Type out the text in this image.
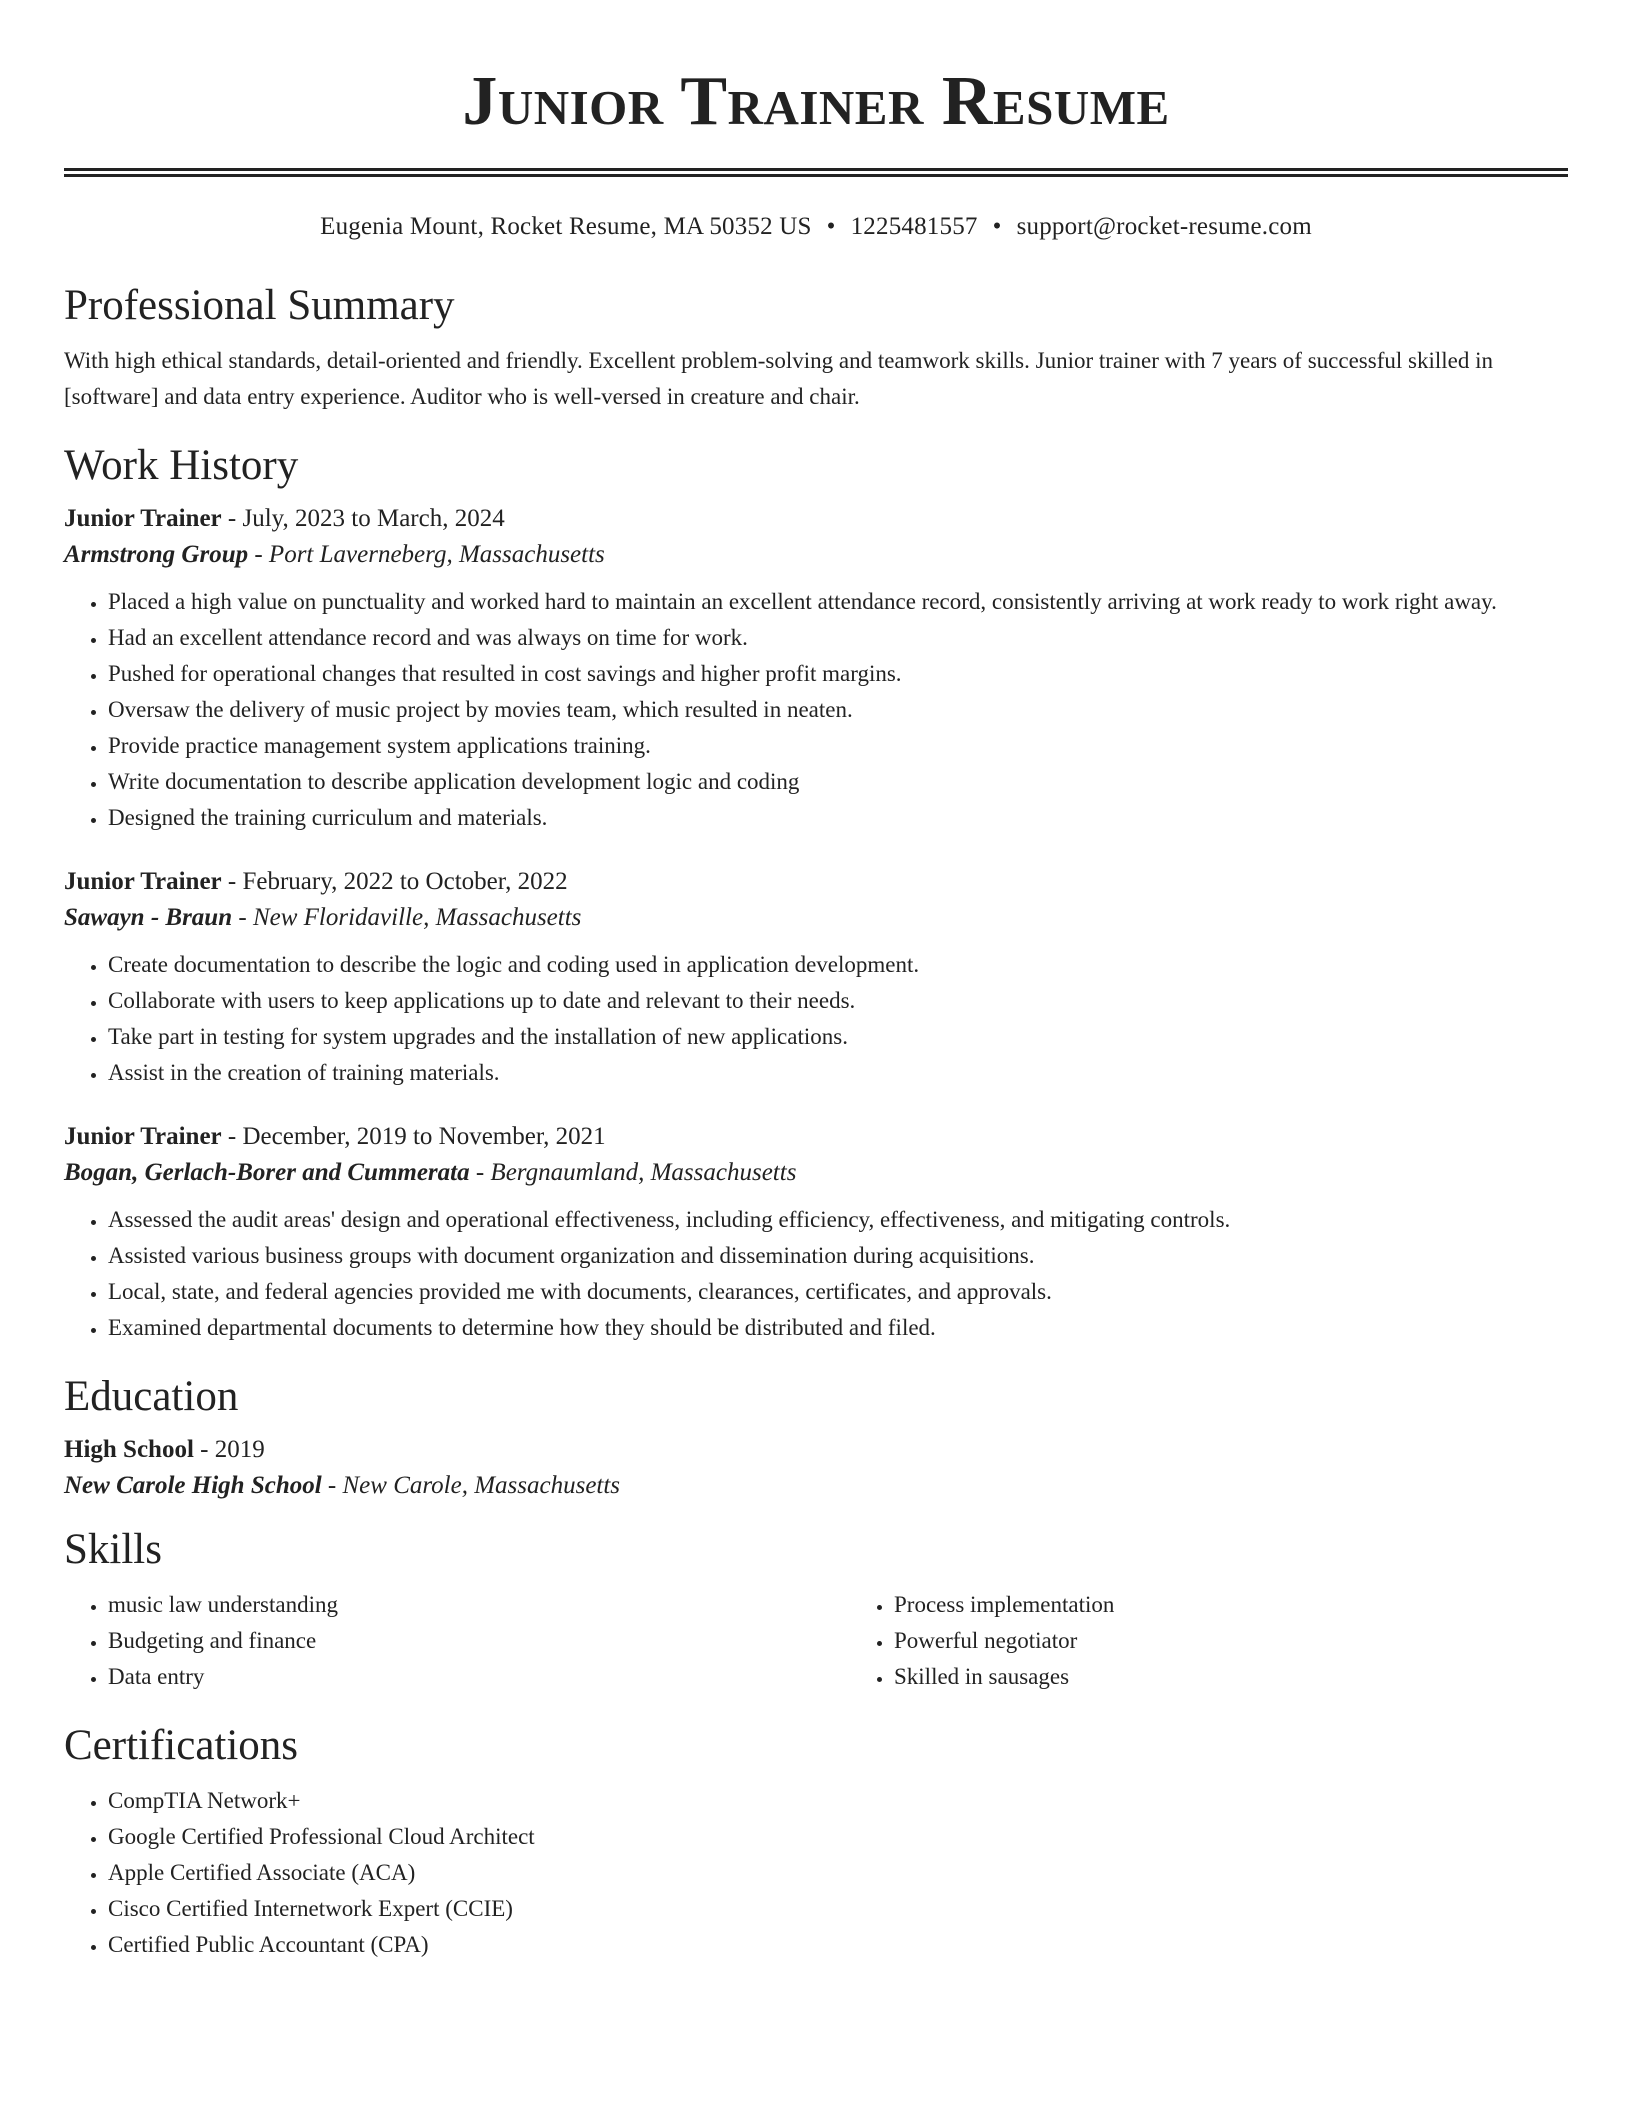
Junior Trainer Resume
Eugenia Mount, Rocket Resume, MA 50352 US • 1225481557 • support@rocket-resume.com
Professional Summary

With high ethical standards, detail-oriented and friendly. Excellent problem-solving and teamwork skills. Junior trainer with 7 years of successful skilled in [software] and data entry experience. Auditor who is well-versed in creature and chair.

Work History
Junior Trainer - July, 2023 to March, 2024
Armstrong Group - Port Laverneberg, Massachusetts
• Placed a high value on punctuality and worked hard to maintain an excellent attendance record, consistently arriving at work ready to work right away.
• Had an excellent attendance record and was always on time for work.
• Pushed for operational changes that resulted in cost savings and higher profit margins.
• Oversaw the delivery of music project by movies team, which resulted in neaten.
• Provide practice management system applications training.
• Write documentation to describe application development logic and coding
• Designed the training curriculum and materials.
Junior Trainer - February, 2022 to October, 2022
Sawayn - Braun - New Floridaville, Massachusetts
• Create documentation to describe the logic and coding used in application development.
• Collaborate with users to keep applications up to date and relevant to their needs.
• Take part in testing for system upgrades and the installation of new applications.
• Assist in the creation of training materials.
Junior Trainer - December, 2019 to November, 2021
Bogan, Gerlach-Borer and Cummerata - Bergnaumland, Massachusetts
• Assessed the audit areas' design and operational effectiveness, including efficiency, effectiveness, and mitigating controls.
• Assisted various business groups with document organization and dissemination during acquisitions.
• Local, state, and federal agencies provided me with documents, clearances, certificates, and approvals.
• Examined departmental documents to determine how they should be distributed and filed.
Education
High School - 2019
New Carole High School - New Carole, Massachusetts
Skills
• music law understanding
• Budgeting and finance
• Data entry
• Process implementation
• Powerful negotiator
• Skilled in sausages
Certifications
• CompTIA Network+
• Google Certified Professional Cloud Architect
• Apple Certified Associate (ACA)
• Cisco Certified Internetwork Expert (CCIE)
• Certified Public Accountant (CPA)
